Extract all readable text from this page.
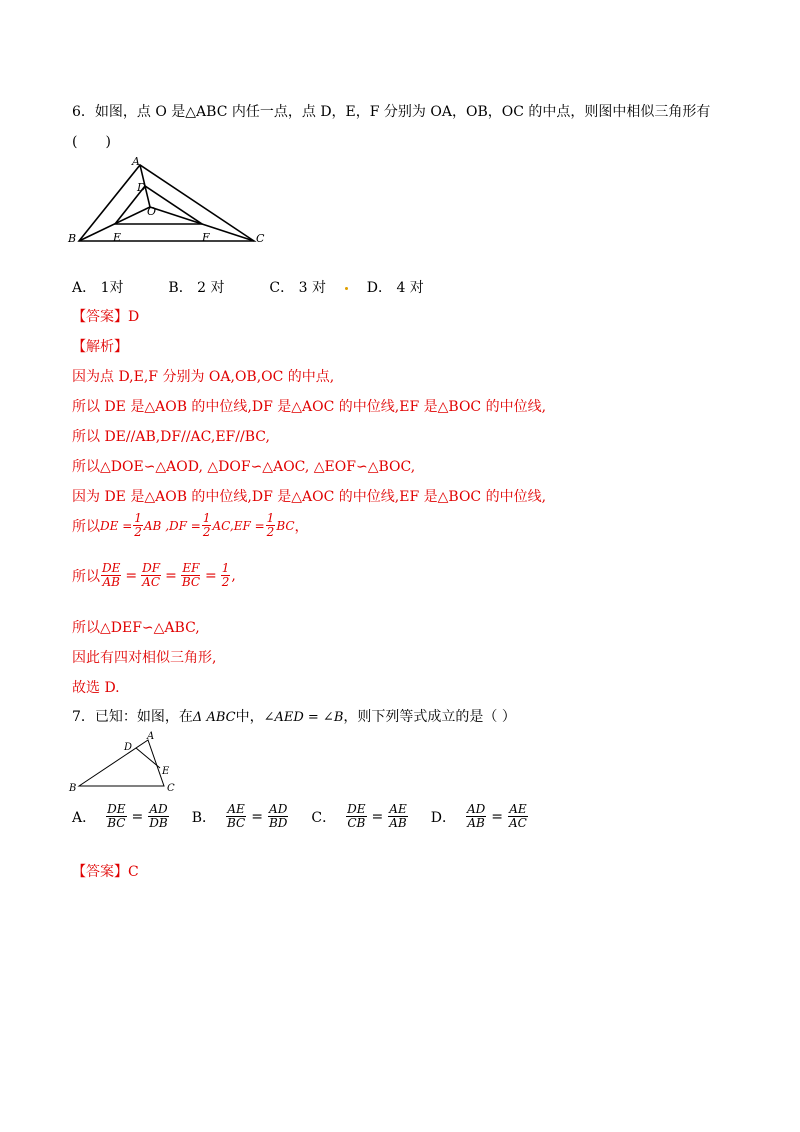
6．如图，点 O 是△ABC 内任一点，点 D，E，F 分别为 OA，OB，OC 的中点，则图中相似三角形有
(　　)
A
B	C
D
E	F
O
A． 1对	B． 2 对	C． 3 对	D． 4 对
【答案】D
【解析】
因为点 D,E,F 分别为 OA,OB,OC 的中点,
所以 DE 是△AOB 的中位线,DF 是△AOC 的中位线,EF 是△BOC 的中位线,
所以 DE//AB,DF//AC,EF//BC,
所以△DOE∽△AOD, △DOF∽△AOC, △EOF∽△BOC,
因为 DE 是△AOB 的中位线,DF 是△AOC 的中位线,EF 是△BOC 的中位线,
所以 DE = $\frac{1}{2}$ AB $,DF = \frac{1}{2} AC,EF = \frac{1}{2}$ BC ，
所以 $\frac{DE}{AB} = \frac{DF}{AC} = \frac{EF}{BC} = \frac{1}{2}$ ,
所以△DEF∽△ABC,
因此有四对相似三角形,
故选 D.
7．已知：如图，在Δ ABC中，∠AED = ∠B，则下列等式成立的是（ ）
A
B	C
D
E
A． $\frac{DE}{BC} = \frac{AD}{DB}$ B． $\frac{AE}{BC} = \frac{AD}{BD}$ C． $\frac{DE}{CB} = \frac{AE}{AB}$ D． $\frac{AD}{AB} = \frac{AE}{AC}$
【答案】C
